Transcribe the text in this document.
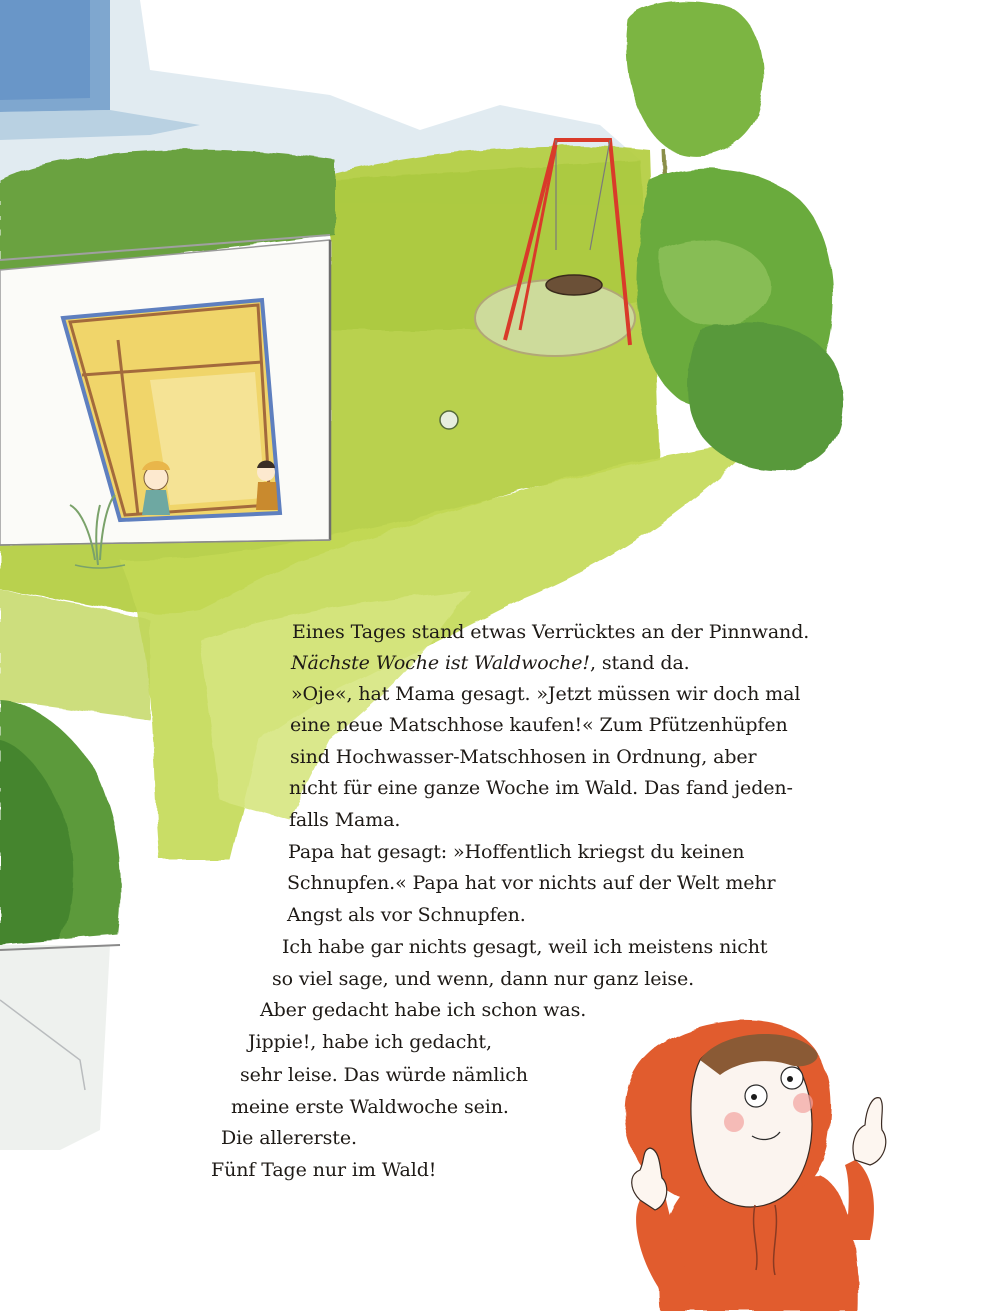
Eines Tages stand etwas Verrücktes an der Pinnwand.

Nächste Woche ist Waldwoche!, stand da.

»Oje«, hat Mama gesagt. »Jetzt müssen wir doch mal

eine neue Matschhose kaufen!« Zum Pfützenhüpfen

sind Hochwasser-Matschhosen in Ordnung, aber

nicht für eine ganze Woche im Wald. Das fand jeden-

falls Mama.

Papa hat gesagt: »Hoffentlich kriegst du keinen

Schnupfen.« Papa hat vor nichts auf der Welt mehr

Angst als vor Schnupfen.

Ich habe gar nichts gesagt, weil ich meistens nicht

so viel sage, und wenn, dann nur ganz leise.

Aber gedacht habe ich schon was.

Jippie!, habe ich gedacht,

sehr leise. Das würde nämlich

meine erste Waldwoche sein.

Die allererste.

Fünf Tage nur im Wald!
